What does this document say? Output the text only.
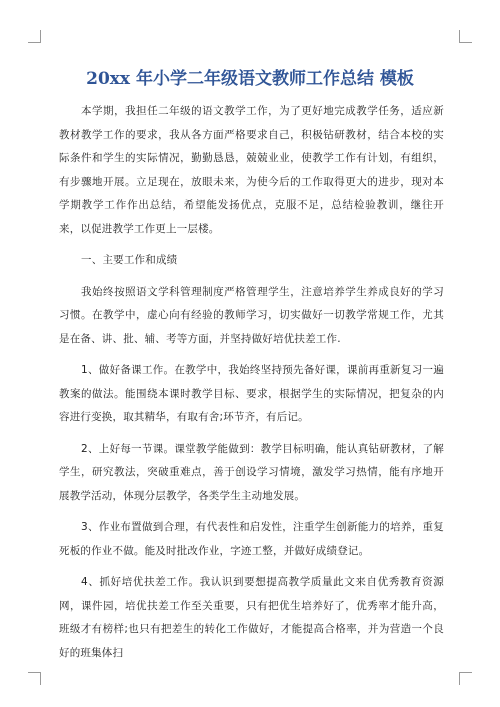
20xx 年小学二年级语文教师工作总结 模板

本学期，我担任二年级的语文教学工作，为了更好地完成教学任务，适应新教材教学工作的要求，我从各方面严格要求自己，积极钻研教材，结合本校的实际条件和学生的实际情况，勤勤恳恳，兢兢业业，使教学工作有计划，有组织，有步骤地开展。立足现在，放眼未来，为使今后的工作取得更大的进步，现对本学期教学工作作出总结，希望能发扬优点，克服不足，总结检验教训，继往开来，以促进教学工作更上一层楼。

一、主要工作和成绩

我始终按照语文学科管理制度严格管理学生，注意培养学生养成良好的学习习惯。在教学中，虚心向有经验的教师学习，切实做好一切教学常规工作，尤其是在备、讲、批、辅、考等方面，并坚持做好培优扶差工作.

1、做好备课工作。在教学中，我始终坚持预先备好课，课前再重新复习一遍教案的做法。能围绕本课时教学目标、要求，根据学生的实际情况，把复杂的内容进行变换，取其精华，有取有舍;环节齐，有后记。

2、上好每一节课。课堂教学能做到：教学目标明确，能认真钻研教材，了解学生，研究教法，突破重难点，善于创设学习情境，激发学习热情，能有序地开展教学活动，体现分层教学，各类学生主动地发展。

3、作业布置做到合理，有代表性和启发性，注重学生创新能力的培养，重复死板的作业不做。能及时批改作业，字迹工整，并做好成绩登记。

4、抓好培优扶差工作。我认识到要想提高教学质量此文来自优秀教育资源网，课件园，培优扶差工作至关重要，只有把优生培养好了，优秀率才能升高，班级才有榜样;也只有把差生的转化工作做好，才能提高合格率，并为营造一个良好的班集体扫
